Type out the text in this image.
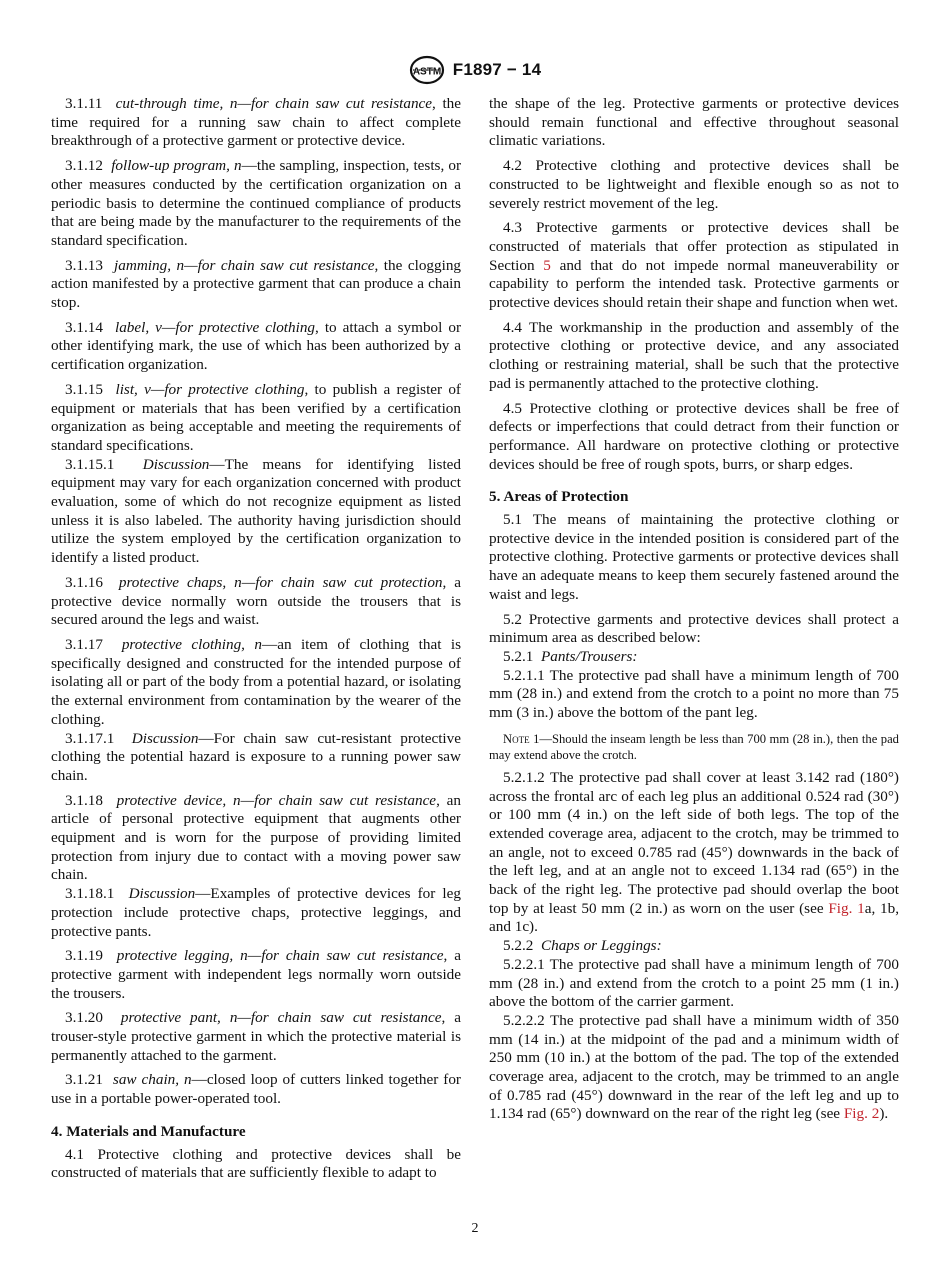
ASTM F1897 − 14

3.1.11 cut-through time, n—for chain saw cut resistance, the time required for a running saw chain to affect complete breakthrough of a protective garment or protective device.

3.1.12 follow-up program, n—the sampling, inspection, tests, or other measures conducted by the certification organization on a periodic basis to determine the continued compliance of products that are being made by the manufacturer to the requirements of the standard specification.

3.1.13 jamming, n—for chain saw cut resistance, the clogging action manifested by a protective garment that can produce a chain stop.

3.1.14 label, v—for protective clothing, to attach a symbol or other identifying mark, the use of which has been authorized by a certification organization.

3.1.15 list, v—for protective clothing, to publish a register of equipment or materials that has been verified by a certification organization as being acceptable and meeting the requirements of standard specifications.

3.1.15.1 Discussion—The means for identifying listed equipment may vary for each organization concerned with product evaluation, some of which do not recognize equipment as listed unless it is also labeled. The authority having jurisdiction should utilize the system employed by the certification organization to identify a listed product.

3.1.16 protective chaps, n—for chain saw cut protection, a protective device normally worn outside the trousers that is secured around the legs and waist.

3.1.17 protective clothing, n—an item of clothing that is specifically designed and constructed for the intended purpose of isolating all or part of the body from a potential hazard, or isolating the external environment from contamination by the wearer of the clothing.

3.1.17.1 Discussion—For chain saw cut-resistant protective clothing the potential hazard is exposure to a running power saw chain.

3.1.18 protective device, n—for chain saw cut resistance, an article of personal protective equipment that augments other equipment and is worn for the purpose of providing limited protection from injury due to contact with a moving power saw chain.

3.1.18.1 Discussion—Examples of protective devices for leg protection include protective chaps, protective leggings, and protective pants.

3.1.19 protective legging, n—for chain saw cut resistance, a protective garment with independent legs normally worn outside the trousers.

3.1.20 protective pant, n—for chain saw cut resistance, a trouser-style protective garment in which the protective material is permanently attached to the garment.

3.1.21 saw chain, n—closed loop of cutters linked together for use in a portable power-operated tool.

4. Materials and Manufacture

4.1 Protective clothing and protective devices shall be constructed of materials that are sufficiently flexible to adapt to

the shape of the leg. Protective garments or protective devices should remain functional and effective throughout seasonal climatic variations.

4.2 Protective clothing and protective devices shall be constructed to be lightweight and flexible enough so as not to severely restrict movement of the leg.

4.3 Protective garments or protective devices shall be constructed of materials that offer protection as stipulated in Section 5 and that do not impede normal maneuverability or capability to perform the intended task. Protective garments or protective devices should retain their shape and function when wet.

4.4 The workmanship in the production and assembly of the protective clothing or protective device, and any associated clothing or restraining material, shall be such that the protective pad is permanently attached to the protective clothing.

4.5 Protective clothing or protective devices shall be free of defects or imperfections that could detract from their function or performance. All hardware on protective clothing or protective devices should be free of rough spots, burrs, or sharp edges.

5. Areas of Protection

5.1 The means of maintaining the protective clothing or protective device in the intended position is considered part of the protective clothing. Protective garments or protective devices shall have an adequate means to keep them securely fastened around the waist and legs.

5.2 Protective garments and protective devices shall protect a minimum area as described below:

5.2.1 Pants/Trousers:

5.2.1.1 The protective pad shall have a minimum length of 700 mm (28 in.) and extend from the crotch to a point no more than 75 mm (3 in.) above the bottom of the pant leg.

Note 1—Should the inseam length be less than 700 mm (28 in.), then the pad may extend above the crotch.

5.2.1.2 The protective pad shall cover at least 3.142 rad (180°) across the frontal arc of each leg plus an additional 0.524 rad (30°) or 100 mm (4 in.) on the left side of both legs. The top of the extended coverage area, adjacent to the crotch, may be trimmed to an angle, not to exceed 0.785 rad (45°) downwards in the back of the left leg, and at an angle not to exceed 1.134 rad (65°) in the back of the right leg. The protective pad should overlap the boot top by at least 50 mm (2 in.) as worn on the user (see Fig. 1a, 1b, and 1c).

5.2.2 Chaps or Leggings:

5.2.2.1 The protective pad shall have a minimum length of 700 mm (28 in.) and extend from the crotch to a point 25 mm (1 in.) above the bottom of the carrier garment.

5.2.2.2 The protective pad shall have a minimum width of 350 mm (14 in.) at the midpoint of the pad and a minimum width of 250 mm (10 in.) at the bottom of the pad. The top of the extended coverage area, adjacent to the crotch, may be trimmed to an angle of 0.785 rad (45°) downward in the rear of the left leg and up to 1.134 rad (65°) downward on the rear of the right leg (see Fig. 2).

2
